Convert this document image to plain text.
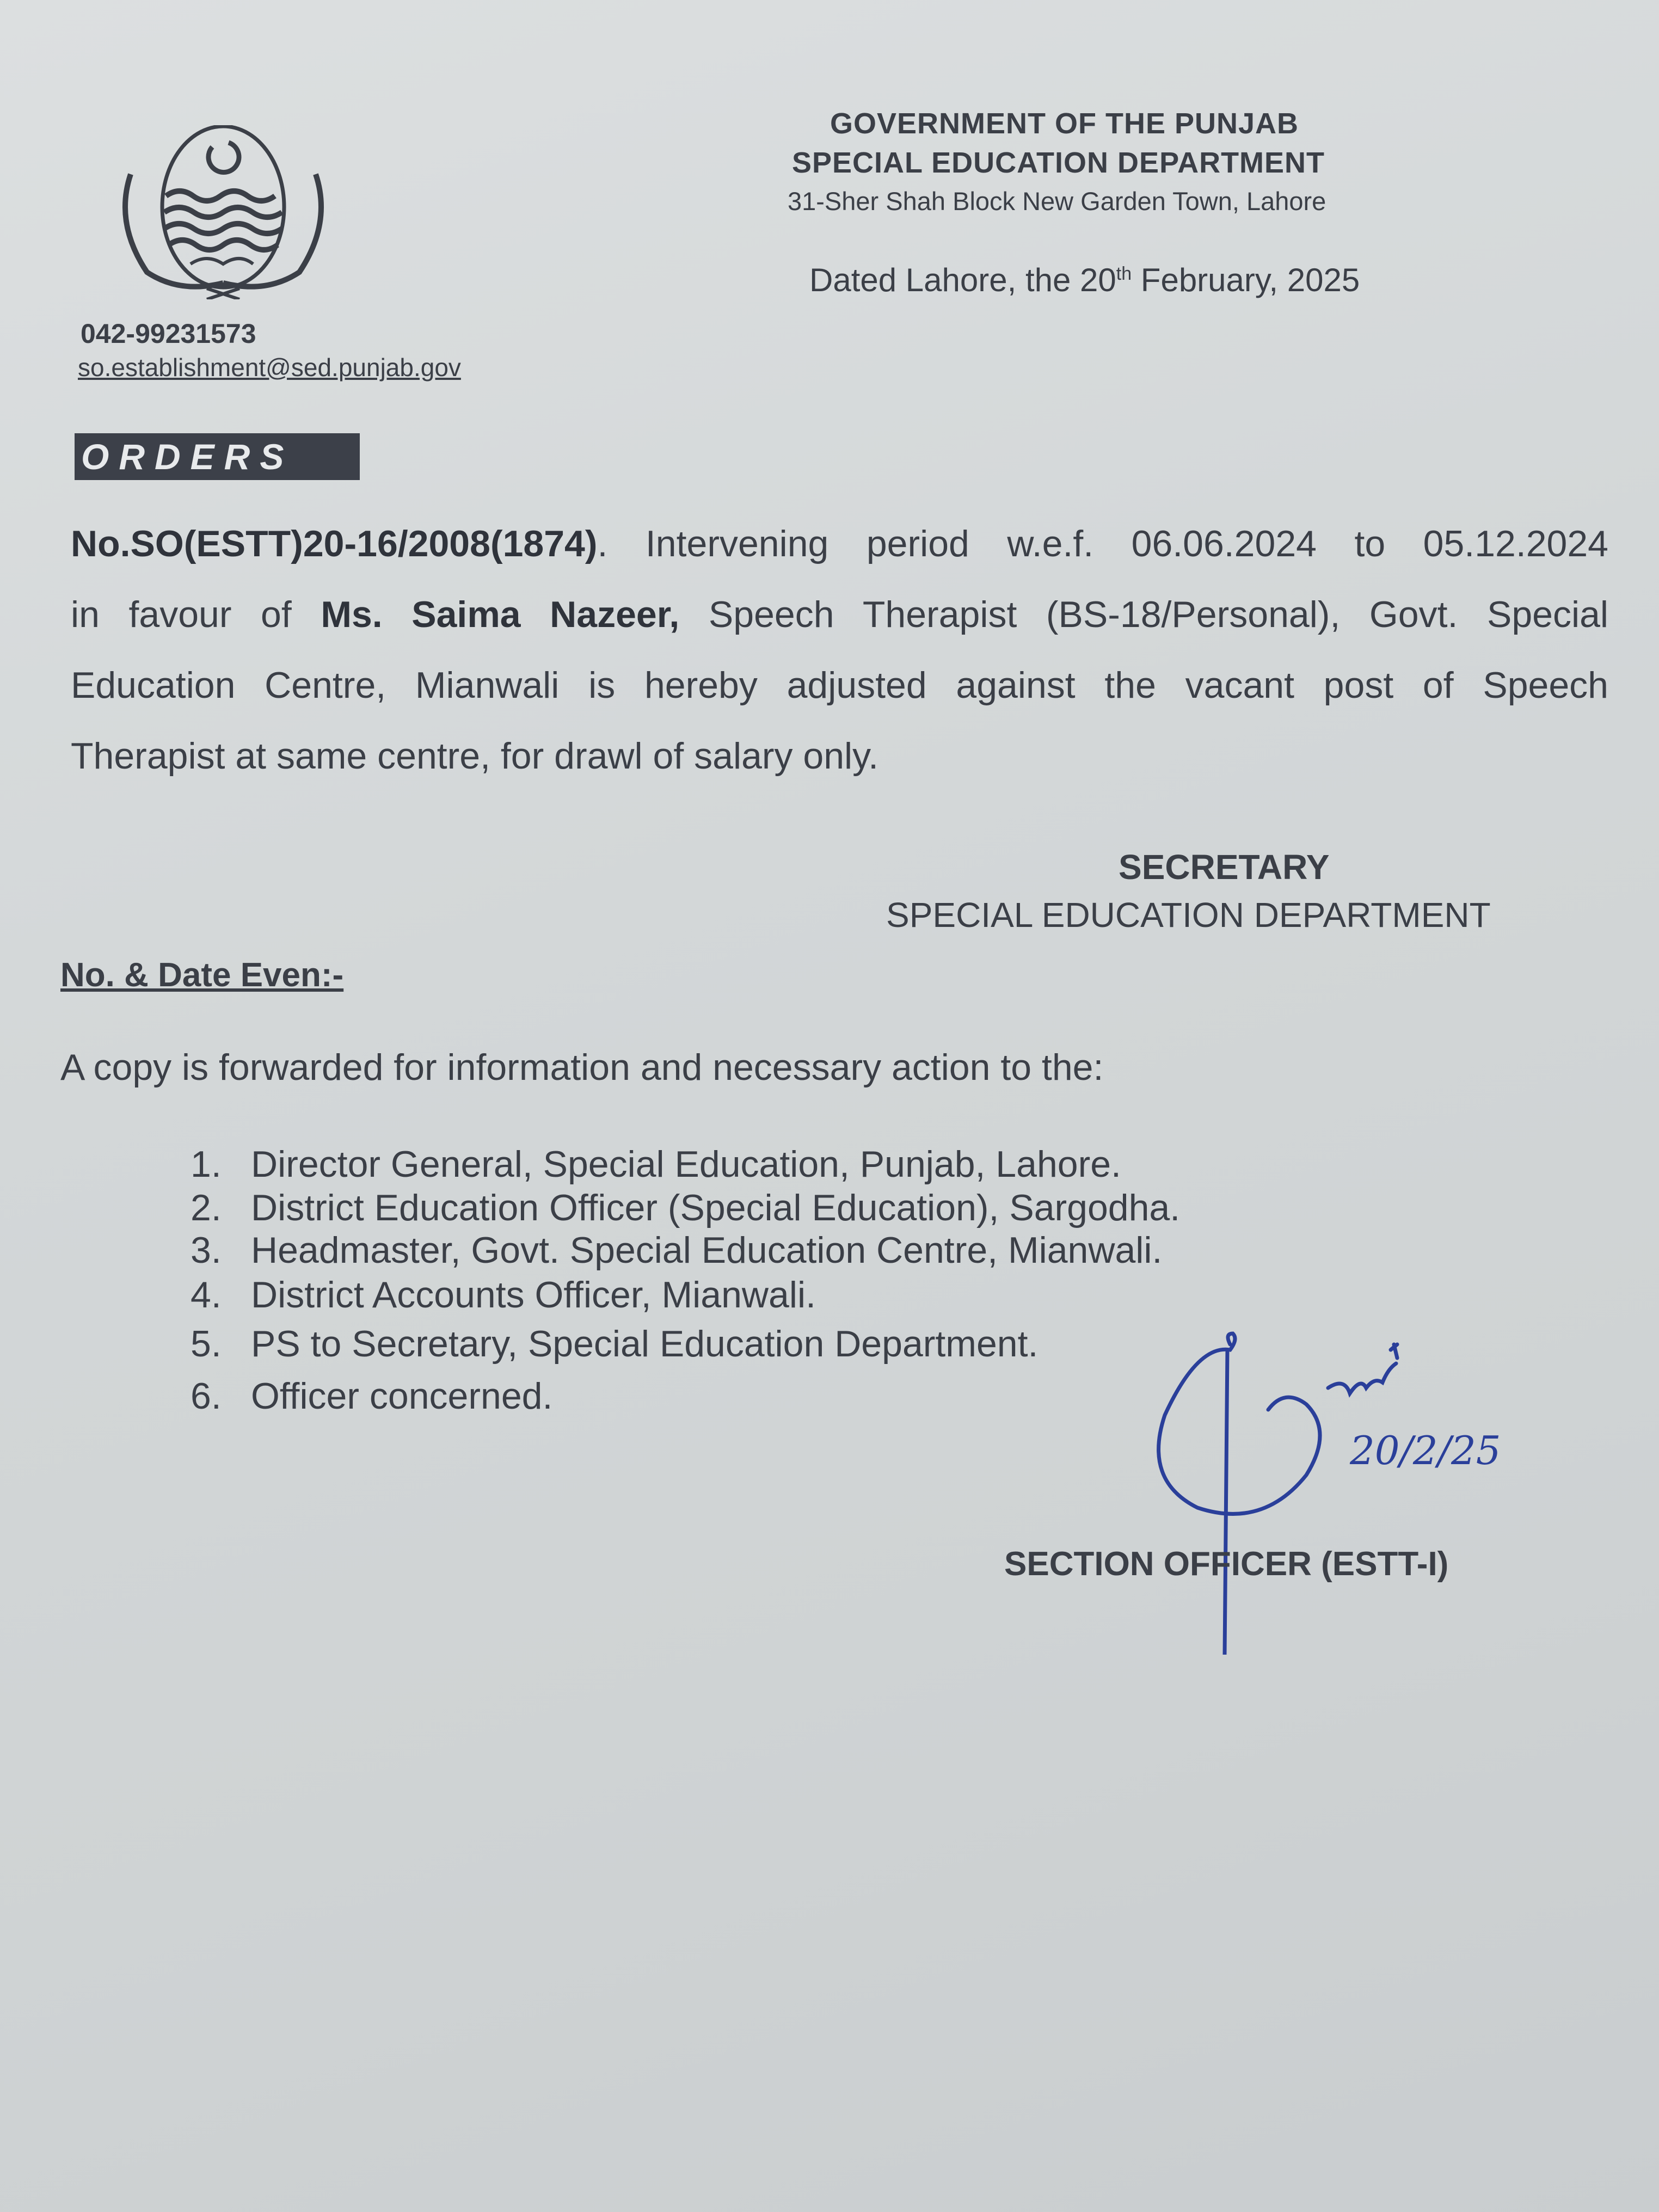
GOVERNMENT OF THE PUNJAB
SPECIAL EDUCATION DEPARTMENT
31-Sher Shah Block New Garden Town, Lahore
Dated Lahore, the 20th February, 2025
042-99231573
so.establishment@sed.punjab.gov
ORDERS
No.SO(ESTT)20-16/2008(1874). Intervening period w.e.f. 06.06.2024 to 05.12.2024
in favour of Ms. Saima Nazeer, Speech Therapist (BS-18/Personal), Govt. Special
Education Centre, Mianwali is hereby adjusted against the vacant post of Speech
Therapist at same centre, for drawl of salary only.
SECRETARY
SPECIAL EDUCATION DEPARTMENT
No. & Date Even:-
A copy is forwarded for information and necessary action to the:
1. Director General, Special Education, Punjab, Lahore.
2. District Education Officer (Special Education), Sargodha.
3. Headmaster, Govt. Special Education Centre, Mianwali.
4. District Accounts Officer, Mianwali.
5. PS to Secretary, Special Education Department.
6. Officer concerned.
20/2/25
SECTION OFFICER (ESTT-I)
